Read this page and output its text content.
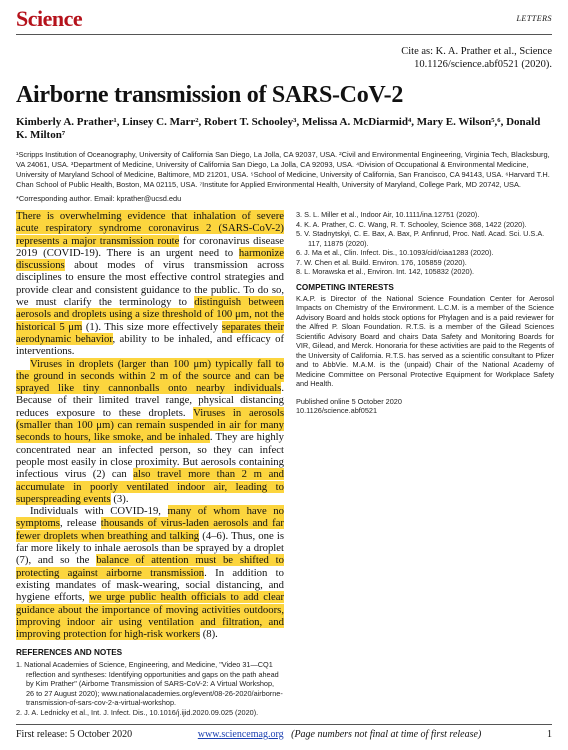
Science	LETTERS
Cite as: K. A. Prather et al., Science
10.1126/science.abf0521 (2020).
Airborne transmission of SARS-CoV-2
Kimberly A. Prather¹, Linsey C. Marr², Robert T. Schooley³, Melissa A. McDiarmid⁴, Mary E. Wilson⁵,⁶, Donald K. Milton⁷
¹Scripps Institution of Oceanography, University of California San Diego, La Jolla, CA 92037, USA. ²Civil and Environmental Engineering, Virginia Tech, Blacksburg, VA 24061, USA. ³Department of Medicine, University of California San Diego, La Jolla, CA 92093, USA. ⁴Division of Occupational & Environmental Medicine, University of Maryland School of Medicine, Baltimore, MD 21201, USA. ⁵School of Medicine, University of California, San Francisco, CA 94143, USA. ⁶Harvard T.H. Chan School of Public Health, Boston, MA 02115, USA. ⁷Institute for Applied Environmental Health, University of Maryland, College Park, MD 20742, USA.
*Corresponding author. Email: kprather@ucsd.edu

There is overwhelming evidence that inhalation of severe acute respiratory syndrome coronavirus 2 (SARS-CoV-2) represents a major transmission route for coronavirus disease 2019 (COVID-19). There is an urgent need to harmonize discussions about modes of virus transmission across disciplines to ensure the most effective control strategies and provide clear and consistent guidance to the public. To do so, we must clarify the terminology to distinguish between aerosols and droplets using a size threshold of 100 μm, not the historical 5 μm (1). This size more effectively separates their aerodynamic behavior, ability to be inhaled, and efficacy of interventions.

Viruses in droplets (larger than 100 μm) typically fall to the ground in seconds within 2 m of the source and can be sprayed like tiny cannonballs onto nearby individuals. Because of their limited travel range, physical distancing reduces exposure to these droplets. Viruses in aerosols (smaller than 100 μm) can remain suspended in air for many seconds to hours, like smoke, and be inhaled. They are highly concentrated near an infected person, so they can infect people most easily in close proximity. But aerosols containing infectious virus (2) can also travel more than 2 m and accumulate in poorly ventilated indoor air, leading to superspreading events (3).

Individuals with COVID-19, many of whom have no symptoms, release thousands of virus-laden aerosols and far fewer droplets when breathing and talking (4–6). Thus, one is far more likely to inhale aerosols than be sprayed by a droplet (7), and so the balance of attention must be shifted to protecting against airborne transmission. In addition to existing mandates of mask-wearing, social distancing, and hygiene efforts, we urge public health officials to add clear guidance about the importance of moving activities outdoors, improving indoor air using ventilation and filtration, and improving protection for high-risk workers (8).

REFERENCES AND NOTES
1. National Academies of Science, Engineering, and Medicine, "Video 31—CQ1 reflection and syntheses: Identifying opportunities and gaps on the path ahead by Kim Prather" (Airborne Transmission of SARS-CoV-2: A Virtual Workshop, 26 to 27 August 2020); www.nationalacademies.org/event/08-26-2020/airborne-transmission-of-sars-cov-2-a-virtual-workshop.
2. J. A. Lednicky et al., Int. J. Infect. Dis., 10.1016/j.ijid.2020.09.025 (2020).
3. S. L. Miller et al., Indoor Air, 10.1111/ina.12751 (2020).
4. K. A. Prather, C. C. Wang, R. T. Schooley, Science 368, 1422 (2020).
5. V. Stadnytskyi, C. E. Bax, A. Bax, P. Anfinrud, Proc. Natl. Acad. Sci. U.S.A. 117, 11875 (2020).
6. J. Ma et al., Clin. Infect. Dis., 10.1093/cid/ciaa1283 (2020).
7. W. Chen et al. Build. Environ. 176, 105859 (2020).
8. L. Morawska et al., Environ. Int. 142, 105832 (2020).
COMPETING INTERESTS
K.A.P. is Director of the National Science Foundation Center for Aerosol Impacts on Chemistry of the Environment. L.C.M. is a member of the Science Advisory Board and holds stock options for Phylagen and is a paid reviewer for the Alfred P. Sloan Foundation. R.T.S. is a member of the Gilead Sciences Scientific Advisory Board and chairs Data Safety and Monitoring Boards for VIR, Gilead, and Merck. Honoraria for these activities are paid to the Regents of the University of California. R.T.S. has served as a scientific consultant to Pfizer and to AbbVie. M.A.M. is the (unpaid) Chair of the National Academy of Medicine Committee on Personal Protective Equipment for Workplace Safety and Health.
Published online 5 October 2020
10.1126/science.abf0521
First release: 5 October 2020	www.sciencemag.org (Page numbers not final at time of first release)	1
